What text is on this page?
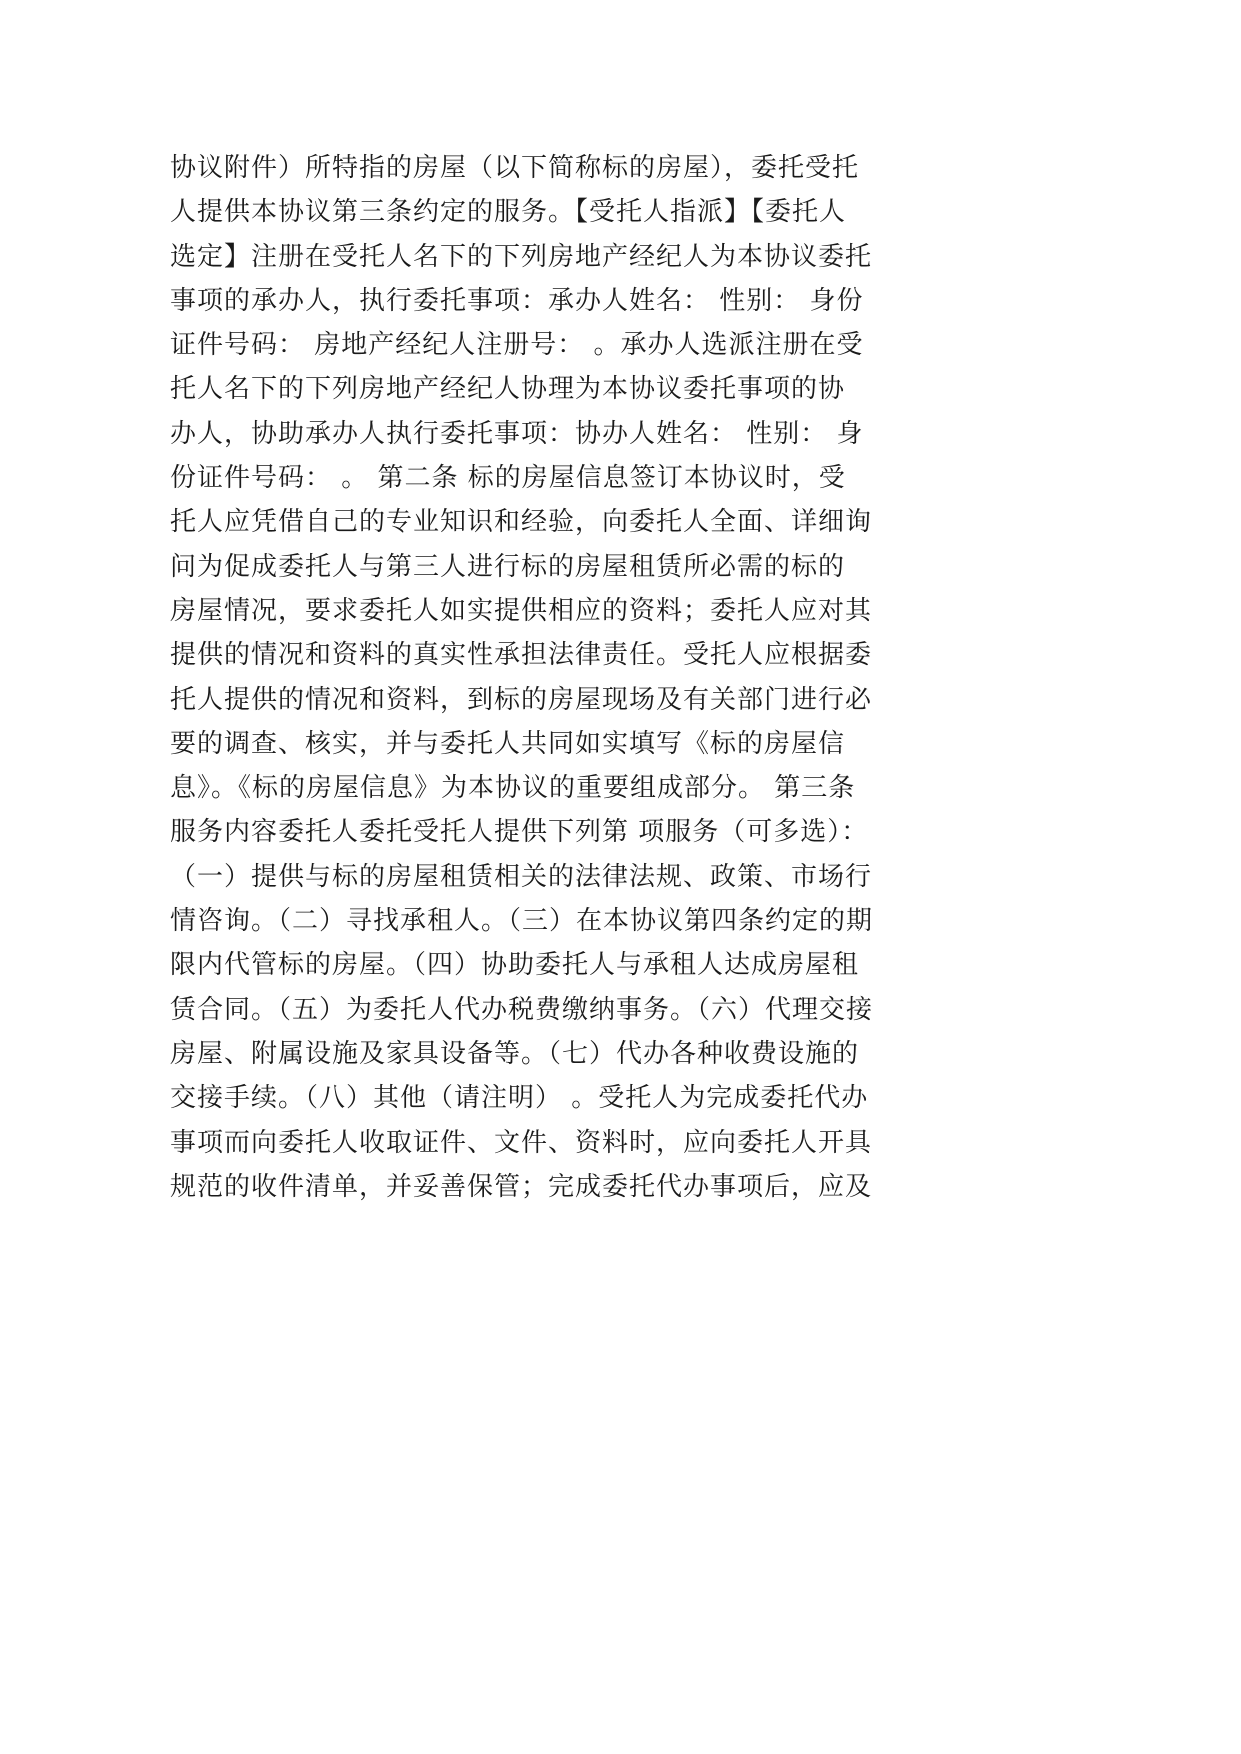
协议附件）所特指的房屋（以下简称标的房屋），委托受托
人提供本协议第三条约定的服务。【受托人指派】【委托人
选定】注册在受托人名下的下列房地产经纪人为本协议委托
事项的承办人，执行委托事项：承办人姓名： 性别： 身份
证件号码： 房地产经纪人注册号： 。承办人选派注册在受
托人名下的下列房地产经纪人协理为本协议委托事项的协
办人，协助承办人执行委托事项：协办人姓名： 性别： 身
份证件号码： 。 第二条 标的房屋信息签订本协议时，受
托人应凭借自己的专业知识和经验，向委托人全面、详细询
问为促成委托人与第三人进行标的房屋租赁所必需的标的
房屋情况，要求委托人如实提供相应的资料；委托人应对其
提供的情况和资料的真实性承担法律责任。受托人应根据委
托人提供的情况和资料，到标的房屋现场及有关部门进行必
要的调查、核实，并与委托人共同如实填写《标的房屋信
息》。《标的房屋信息》为本协议的重要组成部分。 第三条
服务内容委托人委托受托人提供下列第 项服务（可多选）：
（一）提供与标的房屋租赁相关的法律法规、政策、市场行
情咨询。（二）寻找承租人。（三）在本协议第四条约定的期
限内代管标的房屋。（四）协助委托人与承租人达成房屋租
赁合同。（五）为委托人代办税费缴纳事务。（六）代理交接
房屋、附属设施及家具设备等。（七）代办各种收费设施的
交接手续。（八）其他（请注明） 。受托人为完成委托代办
事项而向委托人收取证件、文件、资料时，应向委托人开具
规范的收件清单，并妥善保管；完成委托代办事项后，应及
